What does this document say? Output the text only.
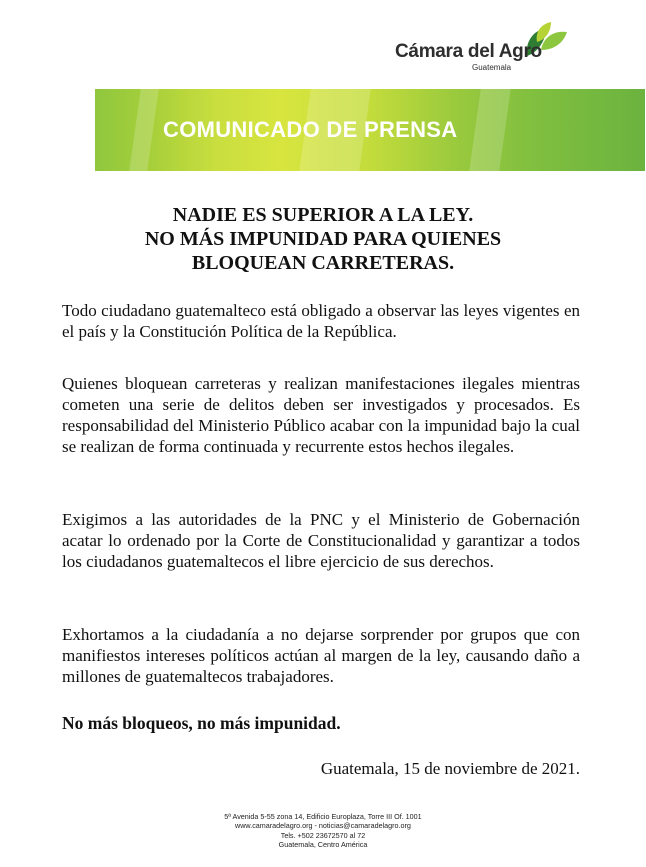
Cámara del Agro
Guatemala
COMUNICADO DE PRENSA
NADIE ES SUPERIOR A LA LEY.
NO MÁS IMPUNIDAD PARA QUIENES
BLOQUEAN CARRETERAS.

Todo ciudadano guatemalteco está obligado a observar las leyes vigentes en el país y la Constitución Política de la República.

Quienes bloquean carreteras y realizan manifestaciones ilegales mientras cometen una serie de delitos deben ser investigados y procesados. Es responsabilidad del Ministerio Público acabar con la impunidad bajo la cual se realizan de forma continuada y recurrente estos hechos ilegales.

Exigimos a las autoridades de la PNC y el Ministerio de Gobernación acatar lo ordenado por la Corte de Constitucionalidad y garantizar a todos los ciudadanos guatemaltecos el libre ejercicio de sus derechos.

Exhortamos a la ciudadanía a no dejarse sorprender por grupos que con manifiestos intereses políticos actúan al margen de la ley, causando daño a millones de guatemaltecos trabajadores.

No más bloqueos, no más impunidad.

Guatemala, 15 de noviembre de 2021.
5ª Avenida 5-55 zona 14, Edificio Europlaza, Torre III Of. 1001
www.camaradelagro.org - noticias@camaradelagro.org
Tels. +502 23672570 al 72
Guatemala, Centro América
